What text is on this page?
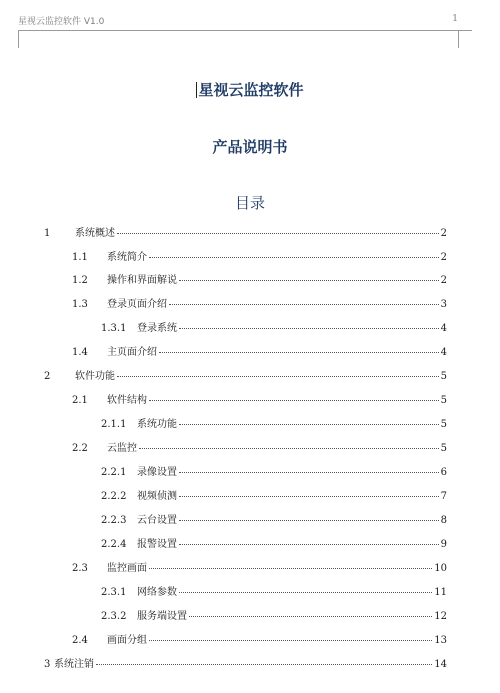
星视云监控软件 V1.0	1
星视云监控软件
产品说明书
目录
1	系统概述	2
1.1	系统简介	2
1.2	操作和界面解说	2
1.3	登录页面介绍	3
1.3.1	登录系统	4
1.4	主页面介绍	4
2	软件功能	5
2.1	软件结构	5
2.1.1	系统功能	5
2.2	云监控	5
2.2.1	录像设置	6
2.2.2	视频侦测	7
2.2.3	云台设置	8
2.2.4	报警设置	9
2.3	监控画面	10
2.3.1	网络参数	11
2.3.2	服务端设置	12
2.4	画面分组	13
3 系统注销	14
